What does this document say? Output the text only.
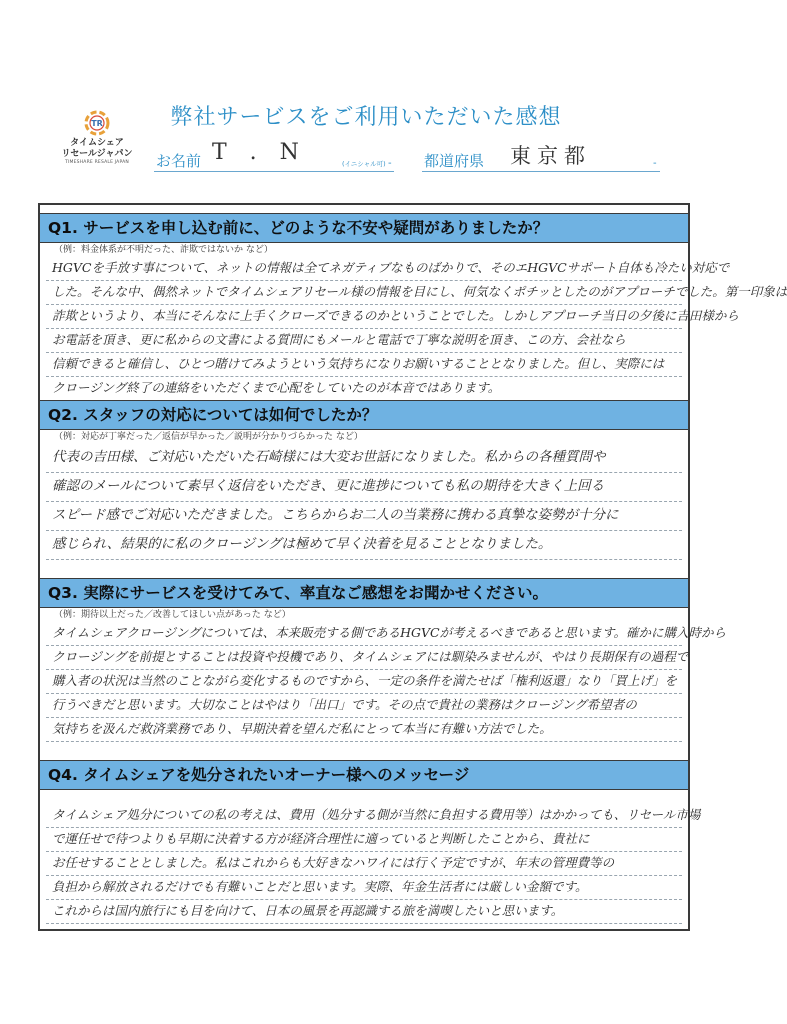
TR
タイムシェア
リセールジャパン
TIMESHARE RESALE JAPAN
弊社サービスをご利用いただいた感想
お名前 T . N	(イニシャル可) - 都道府県 東京都	-
Q1. サービスを申し込む前に、どのような不安や疑問がありましたか？
（例：料金体系が不明だった、詐欺ではないか など）
HGVCを手放す事について、ネットの情報は全てネガティブなものばかりで、そのエHGVCサポート自体も冷たい対応で
した。そんな中、偶然ネットでタイムシェアリセール様の情報を目にし、何気なくポチッとしたのがアプローチでした。第一印象は
詐欺というより、本当にそんなに上手くクローズできるのかということでした。しかしアプローチ当日の夕後に吉田様から
お電話を頂き、更に私からの文書による質問にもメールと電話で丁寧な説明を頂き、この方、会社なら
信頼できると確信し、ひとつ賭けてみようという気持ちになりお願いすることとなりました。但し、実際には
クロージング終了の連絡をいただくまで心配をしていたのが本音ではあります。
Q2. スタッフの対応については如何でしたか？
（例：対応が丁寧だった／返信が早かった／説明が分かりづらかった など）
代表の吉田様、ご対応いただいた石崎様には大変お世話になりました。私からの各種質問や
確認のメールについて素早く返信をいただき、更に進捗についても私の期待を大きく上回る
スピード感でご対応いただきました。こちらからお二人の当業務に携わる真摯な姿勢が十分に
感じられ、結果的に私のクロージングは極めて早く決着を見ることとなりました。
Q3. 実際にサービスを受けてみて、率直なご感想をお聞かせください。
（例：期待以上だった／改善してほしい点があった など）
タイムシェアクロージングについては、本来販売する側であるHGVCが考えるべきであると思います。確かに購入時から
クロージングを前提とすることは投資や投機であり、タイムシェアには馴染みませんが、やはり長期保有の過程で
購入者の状況は当然のことながら変化するものですから、一定の条件を満たせば「権利返還」なり「買上げ」を
行うべきだと思います。大切なことはやはり「出口」です。その点で貴社の業務はクロージング希望者の
気持ちを汲んだ救済業務であり、早期決着を望んだ私にとって本当に有難い方法でした。
Q4. タイムシェアを処分されたいオーナー様へのメッセージ
タイムシェア処分についての私の考えは、費用（処分する側が当然に負担する費用等）はかかっても、リセール市場
で運任せで待つよりも早期に決着する方が経済合理性に適っていると判断したことから、貴社に
お任せすることとしました。私はこれからも大好きなハワイには行く予定ですが、年末の管理費等の
負担から解放されるだけでも有難いことだと思います。実際、年金生活者には厳しい金額です。
これからは国内旅行にも目を向けて、日本の風景を再認識する旅を満喫したいと思います。
